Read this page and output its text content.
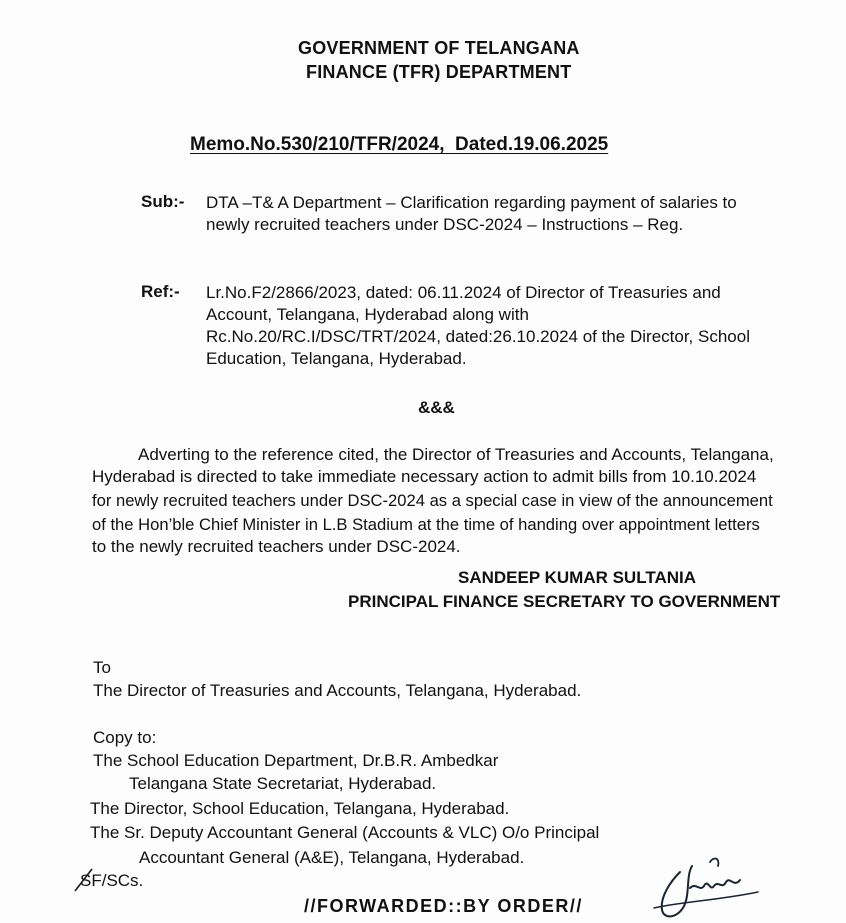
GOVERNMENT OF TELANGANA
FINANCE (TFR) DEPARTMENT
Memo.No.530/210/TFR/2024,  Dated.19.06.2025
Sub:- DTA –T& A Department – Clarification regarding payment of salaries to
newly recruited teachers under DSC-2024 – Instructions – Reg.
Ref:- Lr.No.F2/2866/2023, dated: 06.11.2024 of Director of Treasuries and
Account, Telangana, Hyderabad along with
Rc.No.20/RC.I/DSC/TRT/2024, dated:26.10.2024 of the Director, School
Education, Telangana, Hyderabad.
&&&
Adverting to the reference cited, the Director of Treasuries and Accounts, Telangana,
Hyderabad is directed to take immediate necessary action to admit bills from 10.10.2024
for newly recruited teachers under DSC-2024 as a special case in view of the announcement
of the Hon’ble Chief Minister in L.B Stadium at the time of handing over appointment letters
to the newly recruited teachers under DSC-2024.
SANDEEP KUMAR SULTANIA
PRINCIPAL FINANCE SECRETARY TO GOVERNMENT
To
The Director of Treasuries and Accounts, Telangana, Hyderabad.
Copy to:
The School Education Department, Dr.B.R. Ambedkar
Telangana State Secretariat, Hyderabad.
The Director, School Education, Telangana, Hyderabad.
The Sr. Deputy Accountant General (Accounts & VLC) O/o Principal
Accountant General (A&E), Telangana, Hyderabad.
SF/SCs.
//FORWARDED::BY ORDER//
